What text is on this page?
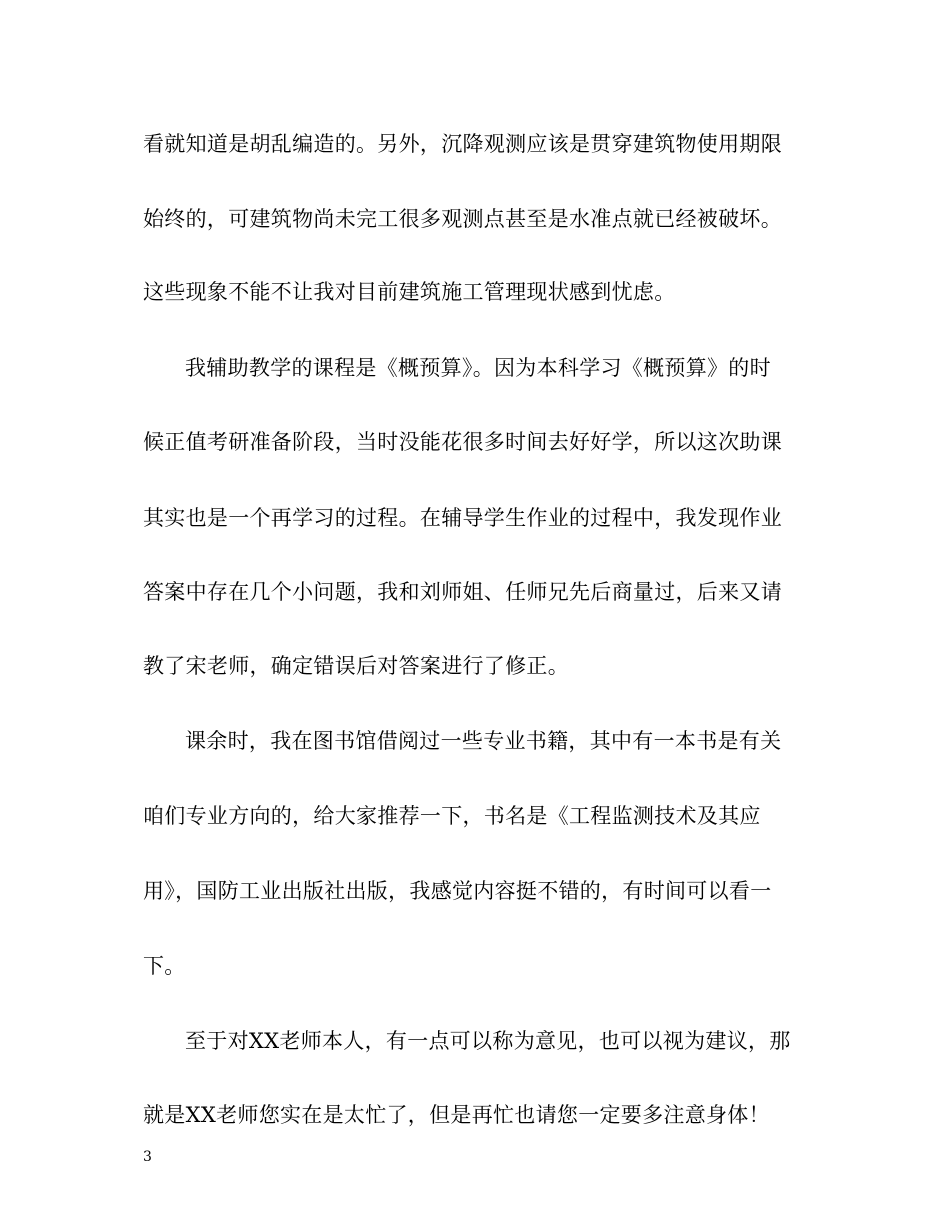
看就知道是胡乱编造的。另外，沉降观测应该是贯穿建筑物使用期限
始终的，可建筑物尚未完工很多观测点甚至是水准点就已经被破坏。
这些现象不能不让我对目前建筑施工管理现状感到忧虑。
我辅助教学的课程是《概预算》。因为本科学习《概预算》的时
候正值考研准备阶段，当时没能花很多时间去好好学，所以这次助课
其实也是一个再学习的过程。在辅导学生作业的过程中，我发现作业
答案中存在几个小问题，我和刘师姐、任师兄先后商量过，后来又请
教了宋老师，确定错误后对答案进行了修正。
课余时，我在图书馆借阅过一些专业书籍，其中有一本书是有关
咱们专业方向的，给大家推荐一下，书名是《工程监测技术及其应
用》，国防工业出版社出版，我感觉内容挺不错的，有时间可以看一
下。
至于对XX老师本人，有一点可以称为意见，也可以视为建议，那
就是XX老师您实在是太忙了，但是再忙也请您一定要多注意身体！
3
